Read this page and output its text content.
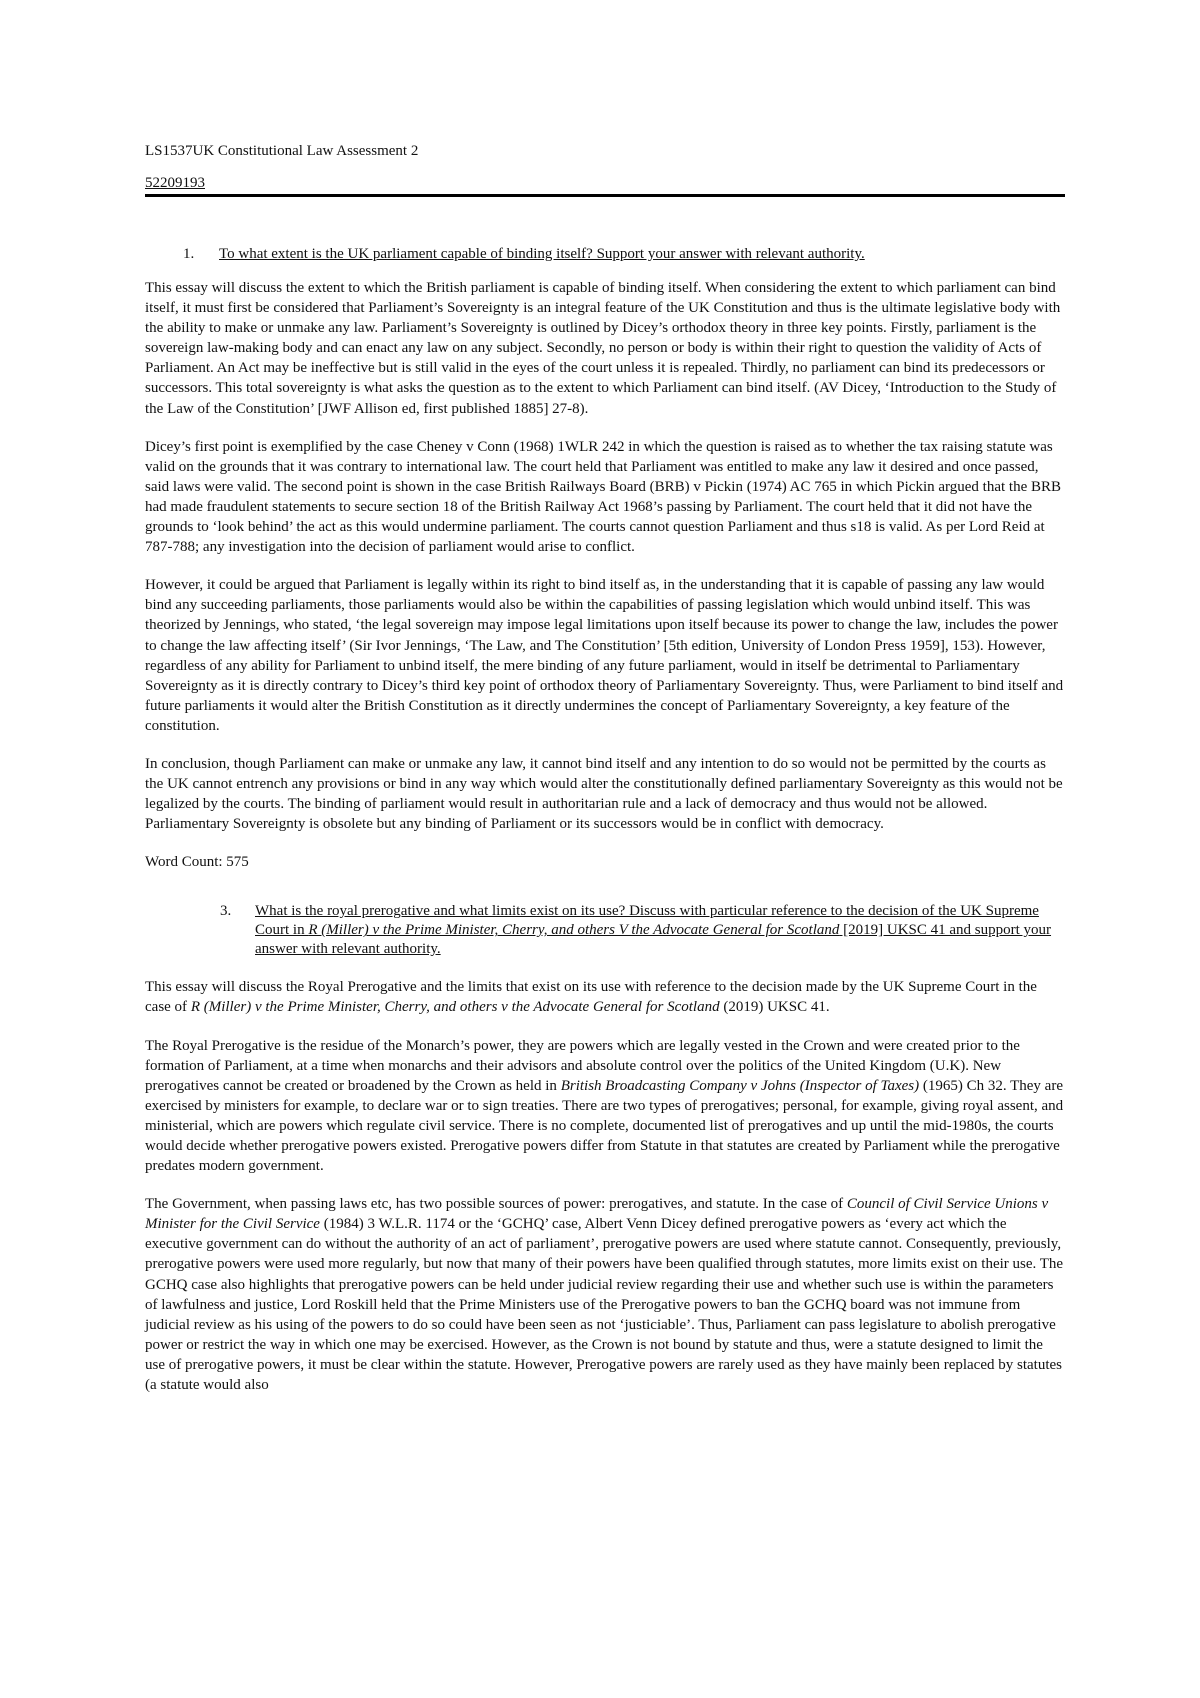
LS1537UK Constitutional Law Assessment 2

52209193

1.	To what extent is the UK parliament capable of binding itself? Support your answer with relevant authority.

This essay will discuss the extent to which the British parliament is capable of binding itself. When considering the extent to which parliament can bind itself, it must first be considered that Parliament’s Sovereignty is an integral feature of the UK Constitution and thus is the ultimate legislative body with the ability to make or unmake any law. Parliament’s Sovereignty is outlined by Dicey’s orthodox theory in three key points. Firstly, parliament is the sovereign law-making body and can enact any law on any subject. Secondly, no person or body is within their right to question the validity of Acts of Parliament. An Act may be ineffective but is still valid in the eyes of the court unless it is repealed. Thirdly, no parliament can bind its predecessors or successors. This total sovereignty is what asks the question as to the extent to which Parliament can bind itself. (AV Dicey, ‘Introduction to the Study of the Law of the Constitution’ [JWF Allison ed, first published 1885] 27-8).

Dicey’s first point is exemplified by the case Cheney v Conn (1968) 1WLR 242 in which the question is raised as to whether the tax raising statute was valid on the grounds that it was contrary to international law. The court held that Parliament was entitled to make any law it desired and once passed, said laws were valid. The second point is shown in the case British Railways Board (BRB) v Pickin (1974) AC 765 in which Pickin argued that the BRB had made fraudulent statements to secure section 18 of the British Railway Act 1968’s passing by Parliament. The court held that it did not have the grounds to ‘look behind’ the act as this would undermine parliament. The courts cannot question Parliament and thus s18 is valid. As per Lord Reid at 787-788; any investigation into the decision of parliament would arise to conflict.

However, it could be argued that Parliament is legally within its right to bind itself as, in the understanding that it is capable of passing any law would bind any succeeding parliaments, those parliaments would also be within the capabilities of passing legislation which would unbind itself. This was theorized by Jennings, who stated, ‘the legal sovereign may impose legal limitations upon itself because its power to change the law, includes the power to change the law affecting itself’ (Sir Ivor Jennings, ‘The Law, and The Constitution’ [5th edition, University of London Press 1959], 153). However, regardless of any ability for Parliament to unbind itself, the mere binding of any future parliament, would in itself be detrimental to Parliamentary Sovereignty as it is directly contrary to Dicey’s third key point of orthodox theory of Parliamentary Sovereignty. Thus, were Parliament to bind itself and future parliaments it would alter the British Constitution as it directly undermines the concept of Parliamentary Sovereignty, a key feature of the constitution.

In conclusion, though Parliament can make or unmake any law, it cannot bind itself and any intention to do so would not be permitted by the courts as the UK cannot entrench any provisions or bind in any way which would alter the constitutionally defined parliamentary Sovereignty as this would not be legalized by the courts. The binding of parliament would result in authoritarian rule and a lack of democracy and thus would not be allowed. Parliamentary Sovereignty is obsolete but any binding of Parliament or its successors would be in conflict with democracy.

Word Count: 575

3. What is the royal prerogative and what limits exist on its use? Discuss with particular reference to the decision of the UK Supreme Court in R (Miller) v the Prime Minister, Cherry, and others V the Advocate General for Scotland [2019] UKSC 41 and support your answer with relevant authority.

This essay will discuss the Royal Prerogative and the limits that exist on its use with reference to the decision made by the UK Supreme Court in the case of R (Miller) v the Prime Minister, Cherry, and others v the Advocate General for Scotland (2019) UKSC 41.

The Royal Prerogative is the residue of the Monarch’s power, they are powers which are legally vested in the Crown and were created prior to the formation of Parliament, at a time when monarchs and their advisors and absolute control over the politics of the United Kingdom (U.K). New prerogatives cannot be created or broadened by the Crown as held in British Broadcasting Company v Johns (Inspector of Taxes) (1965) Ch 32. They are exercised by ministers for example, to declare war or to sign treaties. There are two types of prerogatives; personal, for example, giving royal assent, and ministerial, which are powers which regulate civil service. There is no complete, documented list of prerogatives and up until the mid-1980s, the courts would decide whether prerogative powers existed. Prerogative powers differ from Statute in that statutes are created by Parliament while the prerogative predates modern government.

The Government, when passing laws etc, has two possible sources of power: prerogatives, and statute. In the case of Council of Civil Service Unions v Minister for the Civil Service (1984) 3 W.L.R. 1174 or the ‘GCHQ’ case, Albert Venn Dicey defined prerogative powers as ‘every act which the executive government can do without the authority of an act of parliament’, prerogative powers are used where statute cannot. Consequently, previously, prerogative powers were used more regularly, but now that many of their powers have been qualified through statutes, more limits exist on their use. The GCHQ case also highlights that prerogative powers can be held under judicial review regarding their use and whether such use is within the parameters of lawfulness and justice, Lord Roskill held that the Prime Ministers use of the Prerogative powers to ban the GCHQ board was not immune from judicial review as his using of the powers to do so could have been seen as not ‘justiciable’. Thus, Parliament can pass legislature to abolish prerogative power or restrict the way in which one may be exercised. However, as the Crown is not bound by statute and thus, were a statute designed to limit the use of prerogative powers, it must be clear within the statute. However, Prerogative powers are rarely used as they have mainly been replaced by statutes (a statute would also
